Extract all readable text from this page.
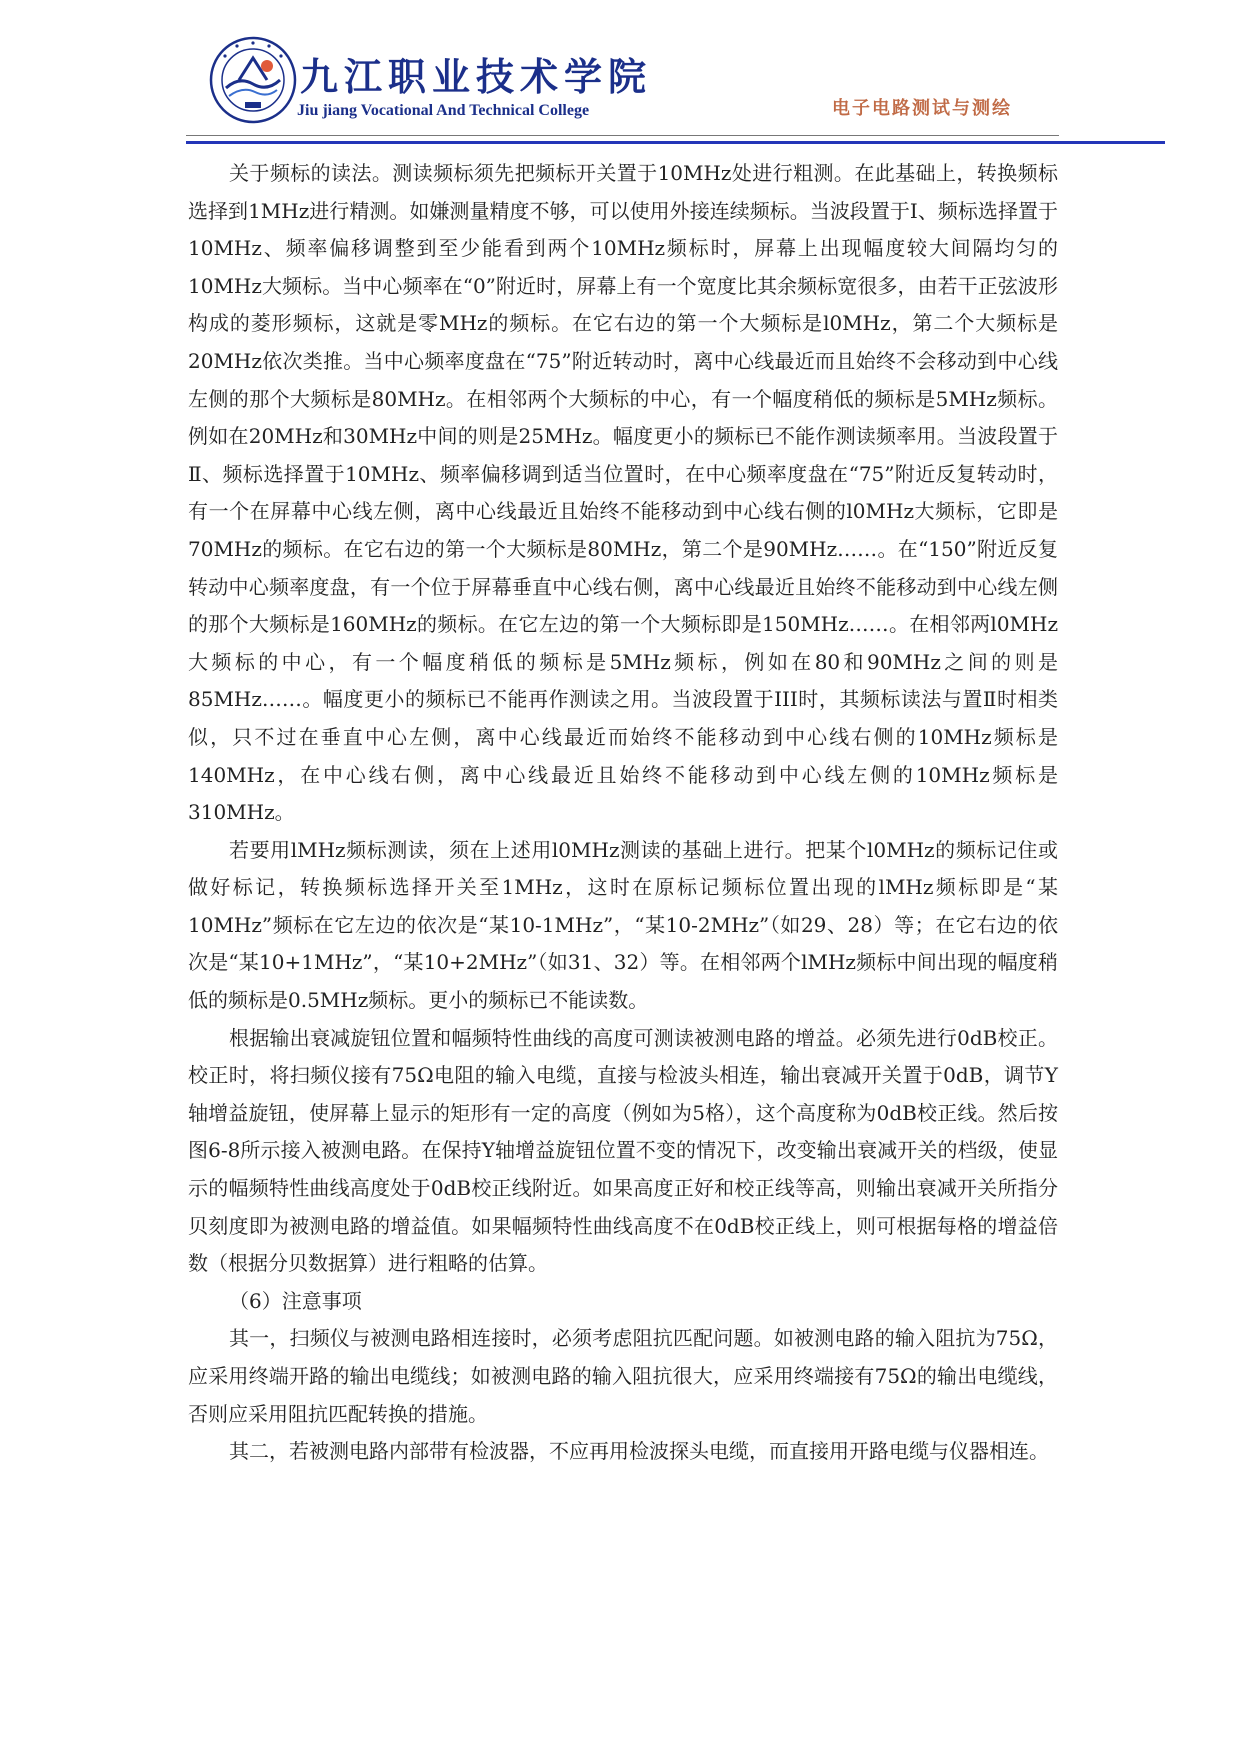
九江职业技术学院
Jiu jiang Vocational And Technical College	电子电路测试与测绘

关于频标的读法。测读频标须先把频标开关置于10MHz处进行粗测。在此基础上，转换频标选择到1MHz进行精测。如嫌测量精度不够，可以使用外接连续频标。当波段置于I、频标选择置于10MHz、频率偏移调整到至少能看到两个10MHz频标时，屏幕上出现幅度较大间隔均匀的10MHz大频标。当中心频率在“0”附近时，屏幕上有一个宽度比其余频标宽很多，由若干正弦波形构成的菱形频标，这就是零MHz的频标。在它右边的第一个大频标是l0MHz，第二个大频标是20MHz依次类推。当中心频率度盘在“75”附近转动时，离中心线最近而且始终不会移动到中心线左侧的那个大频标是80MHz。在相邻两个大频标的中心，有一个幅度稍低的频标是5MHz频标。例如在20MHz和30MHz中间的则是25MHz。幅度更小的频标已不能作测读频率用。当波段置于Ⅱ、频标选择置于10MHz、频率偏移调到适当位置时，在中心频率度盘在“75”附近反复转动时，有一个在屏幕中心线左侧，离中心线最近且始终不能移动到中心线右侧的l0MHz大频标，它即是70MHz的频标。在它右边的第一个大频标是80MHz，第二个是90MHz……。在“150”附近反复转动中心频率度盘，有一个位于屏幕垂直中心线右侧，离中心线最近且始终不能移动到中心线左侧的那个大频标是160MHz的频标。在它左边的第一个大频标即是150MHz……。在相邻两l0MHz大频标的中心，有一个幅度稍低的频标是5MHz频标，例如在80和90MHz之间的则是85MHz……。幅度更小的频标已不能再作测读之用。当波段置于III时，其频标读法与置Ⅱ时相类似，只不过在垂直中心左侧，离中心线最近而始终不能移动到中心线右侧的10MHz频标是140MHz，在中心线右侧，离中心线最近且始终不能移动到中心线左侧的10MHz频标是310MHz。

若要用lMHz频标测读，须在上述用l0MHz测读的基础上进行。把某个l0MHz的频标记住或做好标记，转换频标选择开关至1MHz，这时在原标记频标位置出现的lMHz频标即是“某10MHz”频标在它左边的依次是“某10-1MHz”，“某10-2MHz”（如29、28）等；在它右边的依次是“某10+1MHz”，“某10+2MHz”（如31、32）等。在相邻两个lMHz频标中间出现的幅度稍低的频标是0.5MHz频标。更小的频标已不能读数。

根据输出衰减旋钮位置和幅频特性曲线的高度可测读被测电路的增益。必须先进行0dB校正。校正时，将扫频仪接有75Ω电阻的输入电缆，直接与检波头相连，输出衰减开关置于0dB，调节Y轴增益旋钮，使屏幕上显示的矩形有一定的高度（例如为5格），这个高度称为0dB校正线。然后按图6-8所示接入被测电路。在保持Y轴增益旋钮位置不变的情况下，改变输出衰减开关的档级，使显示的幅频特性曲线高度处于0dB校正线附近。如果高度正好和校正线等高，则输出衰减开关所指分贝刻度即为被测电路的增益值。如果幅频特性曲线高度不在0dB校正线上，则可根据每格的增益倍数（根据分贝数据算）进行粗略的估算。

（6）注意事项

其一，扫频仪与被测电路相连接时，必须考虑阻抗匹配问题。如被测电路的输入阻抗为75Ω，应采用终端开路的输出电缆线；如被测电路的输入阻抗很大，应采用终端接有75Ω的输出电缆线，否则应采用阻抗匹配转换的措施。

其二，若被测电路内部带有检波器，不应再用检波探头电缆，而直接用开路电缆与仪器相连。
